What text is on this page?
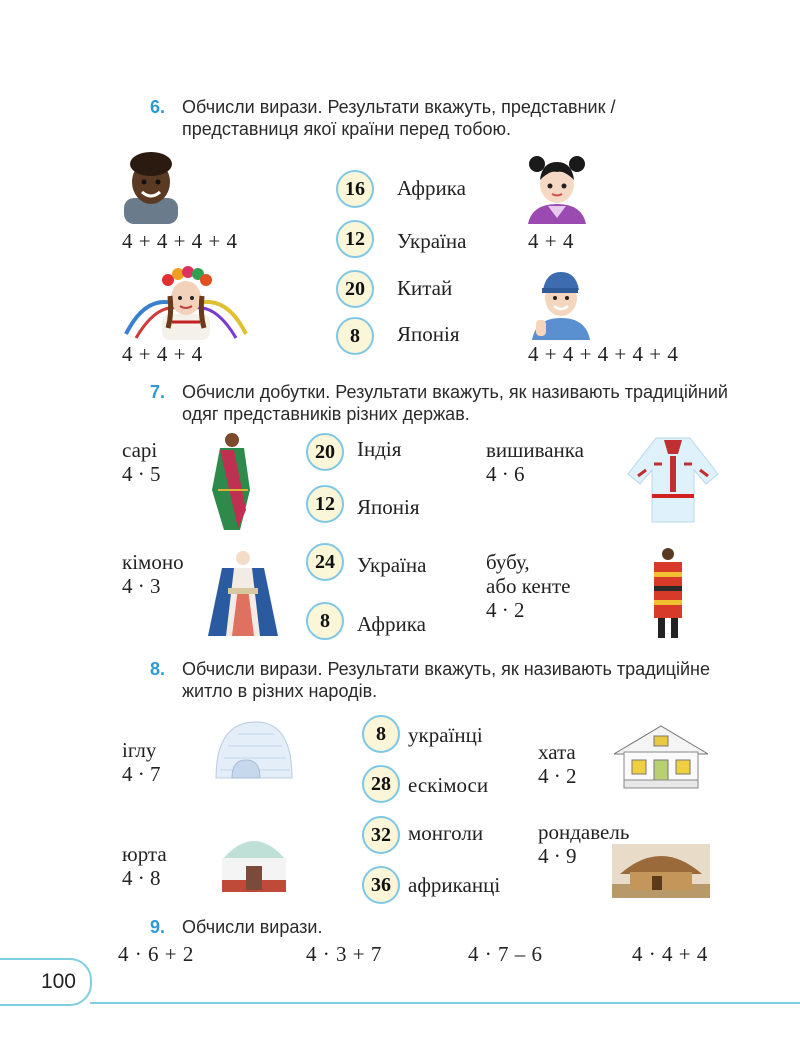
6. Обчисли вирази. Результати вкажуть, представник / представниця якої країни перед тобою.
4 + 4 + 4 + 4
4 + 4 + 4
16	Африка
12	Україна
20	Китай
8	Японія
4 + 4
4 + 4 + 4 + 4 + 4
7. Обчисли добутки. Результати вкажуть, як називають традиційний одяг представників різних держав.
сарі
4 · 5
кімоно
4 · 3
20	Індія
12	Японія
24	Україна
8	Африка
вишиванка
4 · 6
бубу,
або кенте
4 · 2
8. Обчисли вирази. Результати вкажуть, як називають традиційне житло в різних народів.
іглу
4 · 7
юрта
4 · 8
8	українці
28 ескімоси
32 монголи
36 африканці
хата
4 · 2
рондавель
4 · 9
9. Обчисли вирази.
4 · 6 + 2	4 · 3 + 7	4 · 7 – 6	4 · 4 + 4
100
